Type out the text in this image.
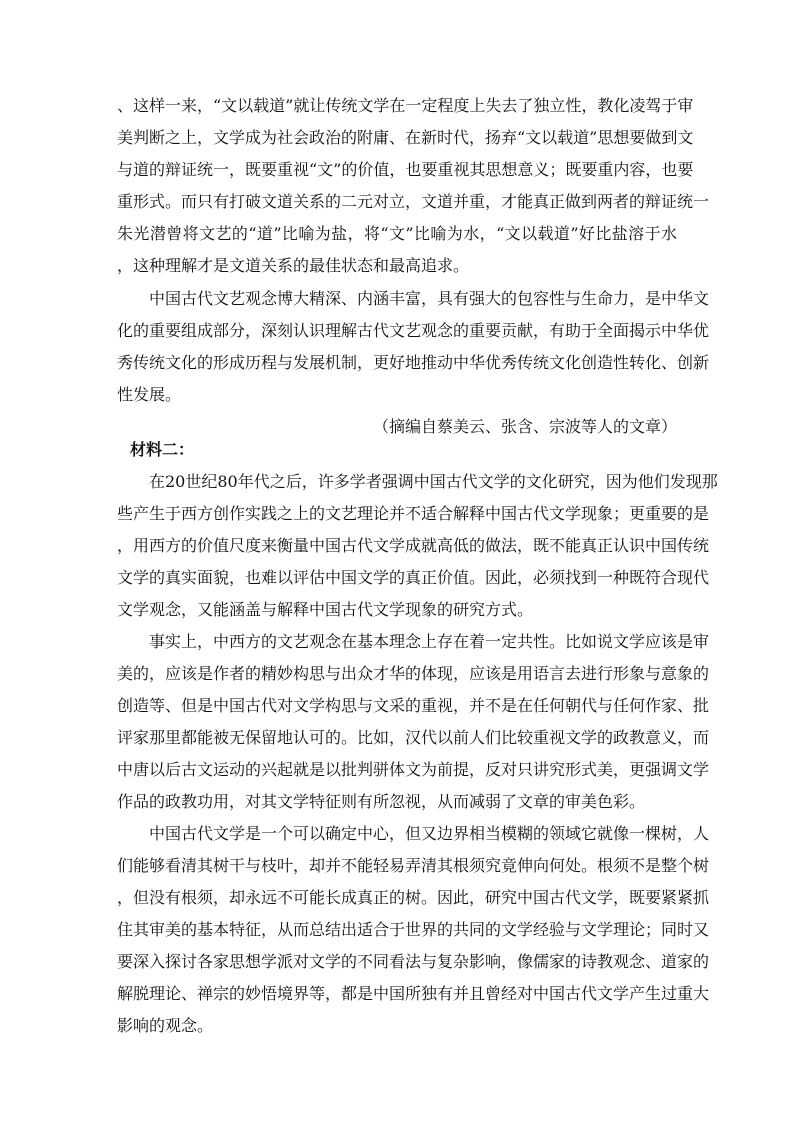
、这样一来，“文以载道”就让传统文学在一定程度上失去了独立性，教化凌驾于审
美判断之上，文学成为社会政治的附庸、在新时代，扬弃“文以载道”思想要做到文
与道的辩证统一，既要重视“文”的价值，也要重视其思想意义；既要重内容，也要
重形式。而只有打破文道关系的二元对立，文道并重，才能真正做到两者的辩证统一
朱光潜曾将文艺的“道”比喻为盐，将“文”比喻为水，“文以载道”好比盐溶于水
，这种理解才是文道关系的最佳状态和最高追求。
中国古代文艺观念博大精深、内涵丰富，具有强大的包容性与生命力，是中华文
化的重要组成部分，深刻认识理解古代文艺观念的重要贡献，有助于全面揭示中华优
秀传统文化的形成历程与发展机制，更好地推动中华优秀传统文化创造性转化、创新
性发展。
（摘编自蔡美云、张含、宗波等人的文章）
材料二：
在20世纪80年代之后，许多学者强调中国古代文学的文化研究，因为他们发现那
些产生于西方创作实践之上的文艺理论并不适合解释中国古代文学现象；更重要的是
，用西方的价值尺度来衡量中国古代文学成就高低的做法，既不能真正认识中国传统
文学的真实面貌，也难以评估中国文学的真正价值。因此，必须找到一种既符合现代
文学观念，又能涵盖与解释中国古代文学现象的研究方式。
事实上，中西方的文艺观念在基本理念上存在着一定共性。比如说文学应该是审
美的，应该是作者的精妙构思与出众才华的体现，应该是用语言去进行形象与意象的
创造等、但是中国古代对文学构思与文采的重视，并不是在任何朝代与任何作家、批
评家那里都能被无保留地认可的。比如，汉代以前人们比较重视文学的政教意义，而
中唐以后古文运动的兴起就是以批判骈体文为前提，反对只讲究形式美，更强调文学
作品的政教功用，对其文学特征则有所忽视，从而减弱了文章的审美色彩。
中国古代文学是一个可以确定中心，但又边界相当模糊的领域它就像一棵树，人
们能够看清其树干与枝叶，却并不能轻易弄清其根须究竟伸向何处。根须不是整个树
，但没有根须，却永远不可能长成真正的树。因此，研究中国古代文学，既要紧紧抓
住其审美的基本特征，从而总结出适合于世界的共同的文学经验与文学理论；同时又
要深入探讨各家思想学派对文学的不同看法与复杂影响，像儒家的诗教观念、道家的
解脱理论、禅宗的妙悟境界等，都是中国所独有并且曾经对中国古代文学产生过重大
影响的观念。
